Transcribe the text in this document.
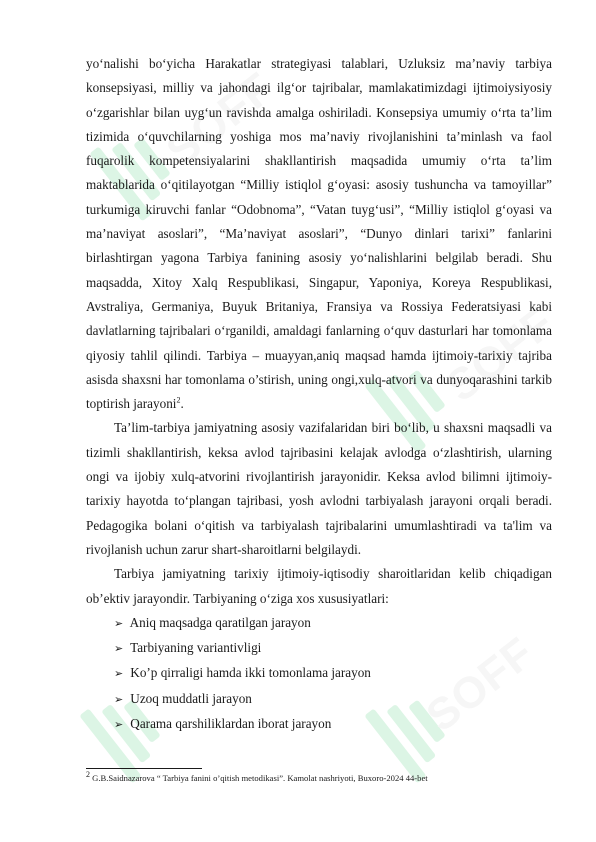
SOFF
SOFF
SOFF

yo‘nalishi bo‘yicha Harakatlar strategiyasi talablari, Uzluksiz ma’naviy tarbiya konsepsiyasi, milliy va jahondagi ilg‘or tajribalar, mamlakatimizdagi ijtimoiysiyosiy o‘zgarishlar bilan uyg‘un ravishda amalga oshiriladi. Konsepsiya umumiy o‘rta ta’lim tizimida o‘quvchilarning yoshiga mos ma’naviy rivojlanishini ta’minlash va faol fuqarolik kompetensiyalarini shakllantirish maqsadida umumiy o‘rta ta’lim maktablarida o‘qitilayotgan “Milliy istiqlol g‘oyasi: asosiy tushuncha va tamoyillar” turkumiga kiruvchi fanlar “Odobnoma”, “Vatan tuyg‘usi”, “Milliy istiqlol g‘oyasi va ma’naviyat asoslari”, “Ma’naviyat asoslari”, “Dunyo dinlari tarixi” fanlarini birlashtirgan yagona Tarbiya fanining asosiy yo‘nalishlarini belgilab beradi. Shu maqsadda, Xitoy Xalq Respublikasi, Singapur, Yaponiya, Koreya Respublikasi, Avstraliya, Germaniya, Buyuk Britaniya, Fransiya va Rossiya Federatsiyasi kabi davlatlarning tajribalari o‘rganildi, amaldagi fanlarning o‘quv dasturlari har tomonlama qiyosiy tahlil qilindi. Tarbiya – muayyan,aniq maqsad hamda ijtimoiy-tarixiy tajriba asisda shaxsni har tomonlama o’stirish, uning ongi,xulq-atvori va dunyoqarashini tarkib toptirish jarayoni$^2$.

Ta’lim-tarbiya jamiyatning asosiy vazifalaridan biri bo‘lib, u shaxsni maqsadli va tizimli shakllantirish, keksa avlod tajribasini kelajak avlodga o‘zlashtirish, ularning ongi va ijobiy xulq-atvorini rivojlantirish jarayonidir. Keksa avlod bilimni ijtimoiy-tarixiy hayotda to‘plangan tajribasi, yosh avlodni tarbiyalash jarayoni orqali beradi. Pedagogika bolani o‘qitish va tarbiyalash tajribalarini umumlashtiradi va ta'lim va rivojlanish uchun zarur shart-sharoitlarni belgilaydi.

Tarbiya jamiyatning tarixiy ijtimoiy-iqtisodiy sharoitlaridan kelib chiqadigan ob’ektiv jarayondir. Tarbiyaning o‘ziga xos xususiyatlari:

➢ Aniq maqsadga qaratilgan jarayon
➢ Tarbiyaning variantivligi
➢ Ko’p qirraligi hamda ikki tomonlama jarayon
➢ Uzoq muddatli jarayon
➢ Qarama qarshiliklardan iborat jarayon
$^2$ G.B.Saidnazarova “ Tarbiya fanini o’qitish metodikasi”. Kamolat nashriyoti, Buxoro-2024 44-bet
